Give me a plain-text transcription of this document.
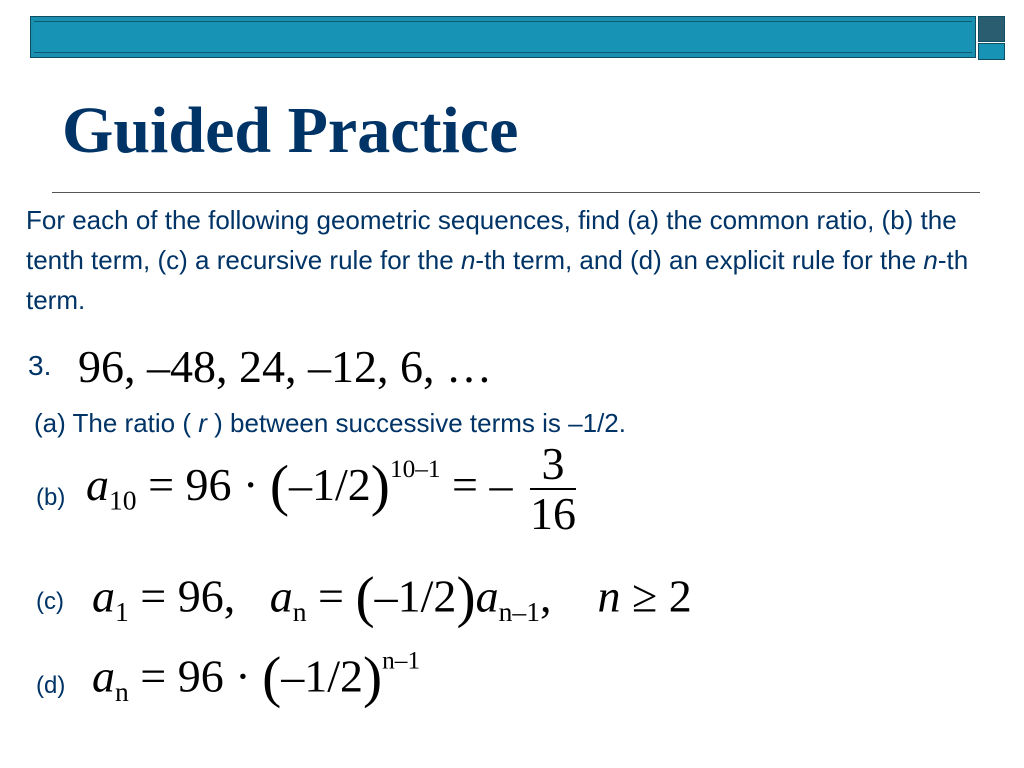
Guided Practice
For each of the following geometric sequences, find (a) the common ratio, (b) the tenth term, (c) a recursive rule for the n-th term, and (d) an explicit rule for the n-th term.
3. 96, –48, 24, –12, 6, …
(a) The ratio ( r ) between successive terms is –1/2.
(b) $a_{10} = 96 \cdot (-1/2)^{10-1}$ = – $\frac{3}{16}$
(c) $a_1 = 96$, $a_n = (-1/2)a_{n-1}$, n ≥ 2
(d) $a_n = 96 \cdot (-1/2)^{n-1}$
